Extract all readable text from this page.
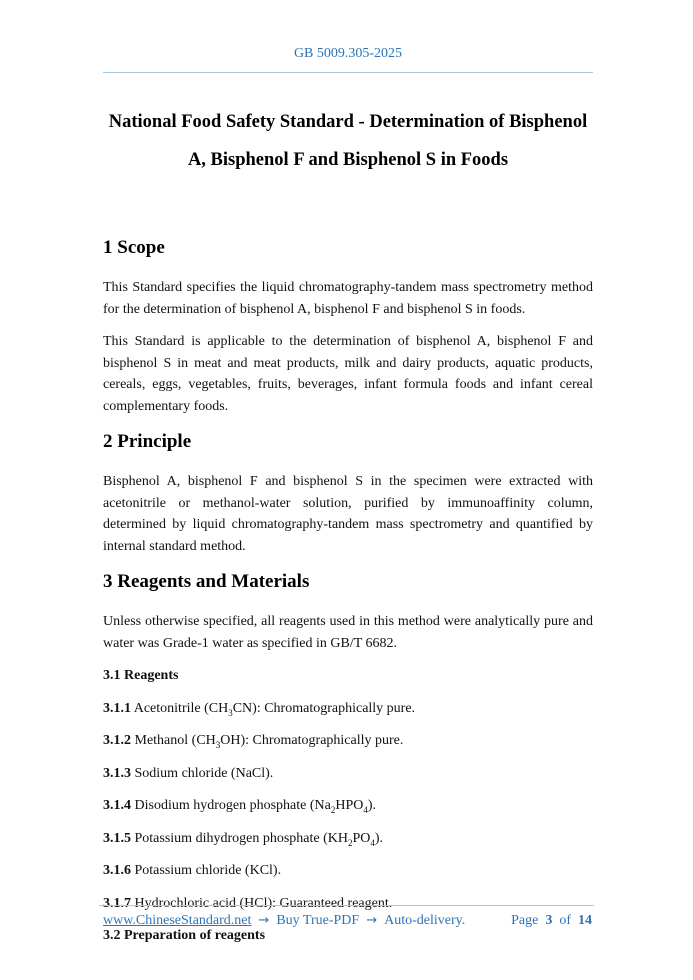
GB 5009.305-2025
National Food Safety Standard - Determination of Bisphenol
A, Bisphenol F and Bisphenol S in Foods
1 Scope

This Standard specifies the liquid chromatography-tandem mass spectrometry method for the determination of bisphenol A, bisphenol F and bisphenol S in foods.

This Standard is applicable to the determination of bisphenol A, bisphenol F and bisphenol S in meat and meat products, milk and dairy products, aquatic products, cereals, eggs, vegetables, fruits, beverages, infant formula foods and infant cereal complementary foods.

2 Principle

Bisphenol A, bisphenol F and bisphenol S in the specimen were extracted with acetonitrile or methanol-water solution, purified by immunoaffinity column, determined by liquid chromatography-tandem mass spectrometry and quantified by internal standard method.

3 Reagents and Materials

Unless otherwise specified, all reagents used in this method were analytically pure and water was Grade-1 water as specified in GB/T 6682.

3.1 Reagents

3.1.1 Acetonitrile $(CH_3CN)$: Chromatographically pure.

3.1.2 Methanol $(CH_3OH)$: Chromatographically pure.

3.1.3 Sodium chloride (NaCl).

3.1.4 Disodium hydrogen phosphate $(Na_2HPO_4)$.

3.1.5 Potassium dihydrogen phosphate $(KH_2PO_4)$.

3.1.6 Potassium chloride (KCl).

3.1.7 Hydrochloric acid (HCl): Guaranteed reagent.

3.2 Preparation of reagents
www.ChineseStandard.net → Buy True-PDF → Auto-delivery.	Page 3 of 14
